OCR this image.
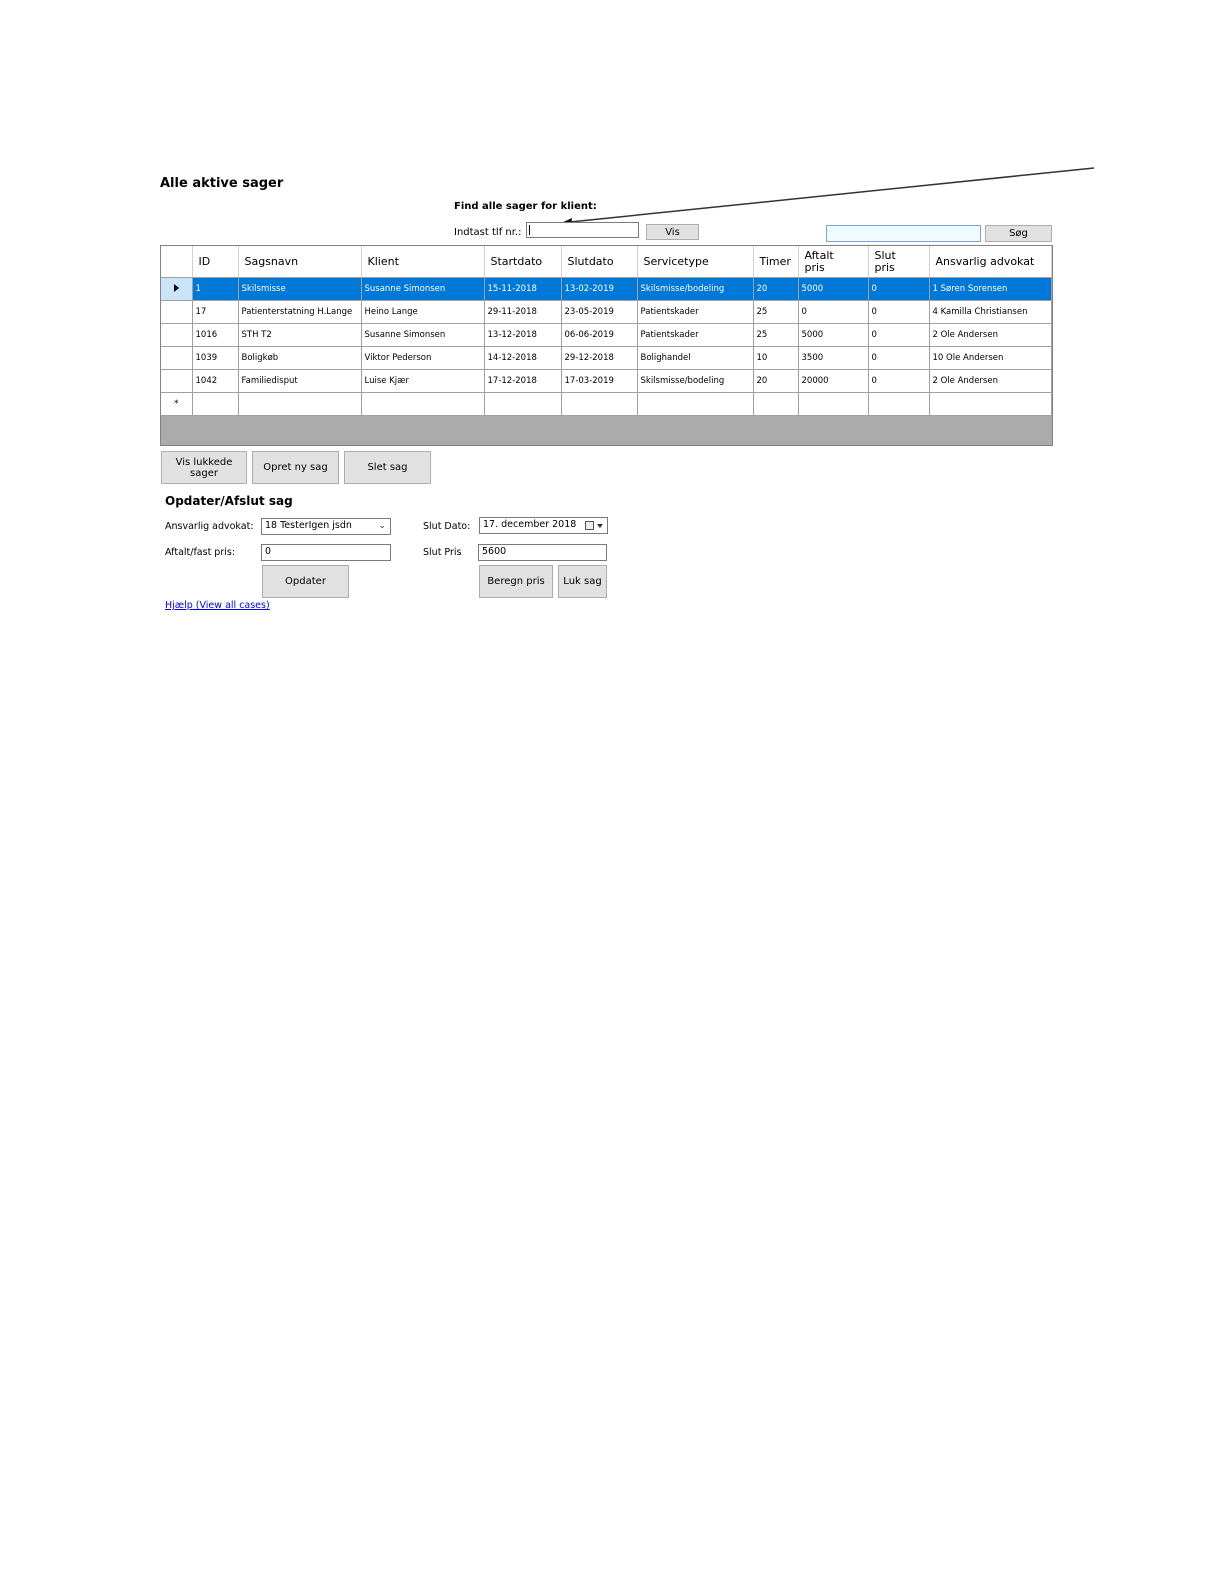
Alle aktive sager
Find alle sager for klient:
Indtast tlf nr.:	Vis	Søg
	ID	Sagsnavn	Klient	Startdato	Slutdato	Servicetype	Timer	Aftalt pris	Slut pris	Ansvarlig advokat
	1	Skilsmisse	Susanne Simonsen	15-11-2018	13-02-2019	Skilsmisse/bodeling	20	5000	0	1 Søren Sorensen
	17	Patienterstatning H.Lange	Heino Lange	29-11-2018	23-05-2019	Patientskader	25	0	0	4 Kamilla Christiansen
	1016	STH T2	Susanne Simonsen	13-12-2018	06-06-2019	Patientskader	25	5000	0	2 Ole Andersen
	1039	Boligkøb	Viktor Pederson	14-12-2018	29-12-2018	Bolighandel	10	3500	0	10 Ole Andersen
	1042	Familiedisput	Luise Kjær	17-12-2018	17-03-2019	Skilsmisse/bodeling	20	20000	0	2 Ole Andersen
*										
Vis lukkede sager	Opret ny sag	Slet sag
Opdater/Afslut sag
Ansvarlig advokat:	18 TesterIgen jsdn	⌄
Aftalt/fast pris:	0
Slut Dato:	17. december 2018
Slut Pris	5600
Opdater	Beregn pris	Luk sag
Hjælp (View all cases)
